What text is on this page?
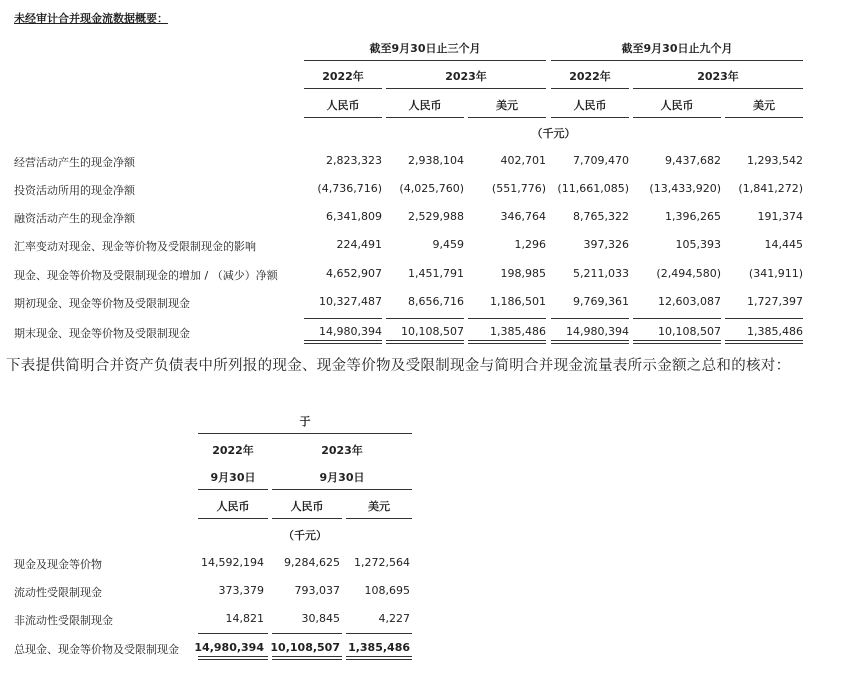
未经审计合并现金流数据概要：
截至9月30日止三个月	截至9月30日止九个月
2022年	2023年	2022年	2023年
人民币	人民币	美元	人民币	人民币	美元
（千元）
经营活动产生的现金净额	2,823,323 2,938,104	402,701 7,709,470	9,437,682 1,293,542
投资活动所用的现金净额	(4,736,716) (4,025,760)	(551,776) (11,661,085) (13,433,920) (1,841,272)
融资活动产生的现金净额	6,341,809 2,529,988	346,764 8,765,322	1,396,265	191,374
汇率变动对现金、现金等价物及受限制现金的影响	224,491	9,459	1,296	397,326	105,393	14,445
现金、现金等价物及受限制现金的增加 / （减少）净额	4,652,907 1,451,791	198,985 5,211,033 (2,494,580)	(341,911)
期初现金、现金等价物及受限制现金	10,327,487 8,656,716 1,186,501 9,769,361	12,603,087 1,727,397
期末现金、现金等价物及受限制现金	14,980,394 10,108,507 1,385,486 14,980,394	10,108,507 1,385,486
下表提供简明合并资产负债表中所列报的现金、现金等价物及受限制现金与简明合并现金流量表所示金额之总和的核对：
于
2022年	2023年
9月30日	9月30日
人民币	人民币	美元
（千元）
现金及现金等价物	14,592,194 9,284,625 1,272,564
流动性受限制现金	373,379	793,037 108,695
非流动性受限制现金	14,821	30,845	4,227
总现金、现金等价物及受限制现金 14,980,394 10,108,507 1,385,486
